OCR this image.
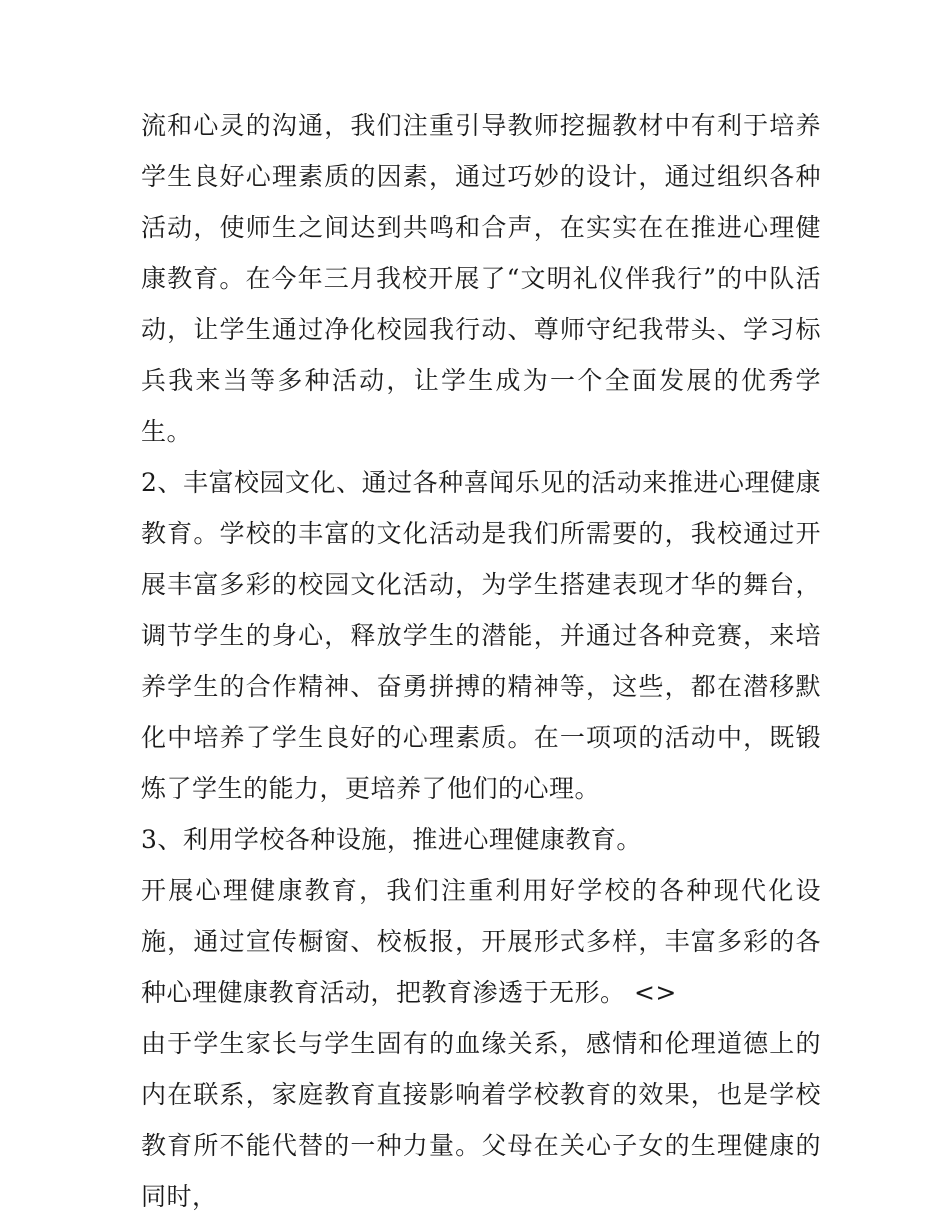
流和心灵的沟通，我们注重引导教师挖掘教材中有利于培养学生良好心理素质的因素，通过巧妙的设计，通过组织各种活动，使师生之间达到共鸣和合声，在实实在在推进心理健康教育。在今年三月我校开展了“文明礼仪伴我行”的中队活动，让学生通过净化校园我行动、尊师守纪我带头、学习标兵我来当等多种活动，让学生成为一个全面发展的优秀学生。

2、丰富校园文化、通过各种喜闻乐见的活动来推进心理健康教育。学校的丰富的文化活动是我们所需要的，我校通过开展丰富多彩的校园文化活动，为学生搭建表现才华的舞台，调节学生的身心，释放学生的潜能，并通过各种竞赛，来培养学生的合作精神、奋勇拼搏的精神等，这些，都在潜移默化中培养了学生良好的心理素质。在一项项的活动中，既锻炼了学生的能力，更培养了他们的心理。

3、利用学校各种设施，推进心理健康教育。

开展心理健康教育，我们注重利用好学校的各种现代化设施，通过宣传橱窗、校板报，开展形式多样，丰富多彩的各种心理健康教育活动，把教育渗透于无形。 <>

由于学生家长与学生固有的血缘关系，感情和伦理道德上的内在联系，家庭教育直接影响着学校教育的效果，也是学校教育所不能代替的一种力量。父母在关心子女的生理健康的同时，
